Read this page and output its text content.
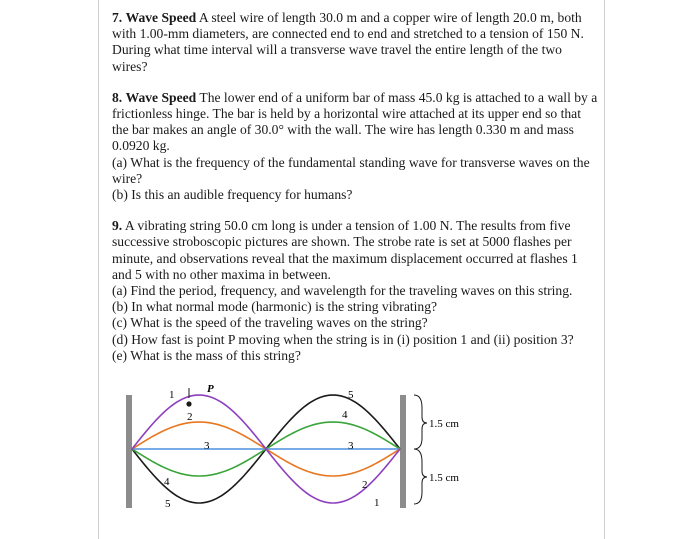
7. Wave Speed A steel wire of length 30.0 m and a copper wire of length 20.0 m, both with 1.00-mm diameters, are connected end to end and stretched to a tension of 150 N. During what time interval will a transverse wave travel the entire length of the two wires?

8. Wave Speed The lower end of a uniform bar of mass 45.0 kg is attached to a wall by a frictionless hinge. The bar is held by a horizontal wire attached at its upper end so that the bar makes an angle of 30.0° with the wall. The wire has length 0.330 m and mass 0.0920 kg.

(a) What is the frequency of the fundamental standing wave for transverse waves on the wire?

(b) Is this an audible frequency for humans?

9. A vibrating string 50.0 cm long is under a tension of 1.00 N. The results from five successive stroboscopic pictures are shown. The strobe rate is set at 5000 flashes per minute, and observations reveal that the maximum displacement occurred at flashes 1 and 5 with no other maxima in between.

(a) Find the period, frequency, and wavelength for the traveling waves on this string.

(b) In what normal mode (harmonic) is the string vibrating?

(c) What is the speed of the traveling waves on the string?

(d) How fast is point P moving when the string is in (i) position 1 and (ii) position 3?

(e) What is the mass of this string?

P
1
2
3
4
5
5
4
3
2
1
1.5 cm
1.5 cm
